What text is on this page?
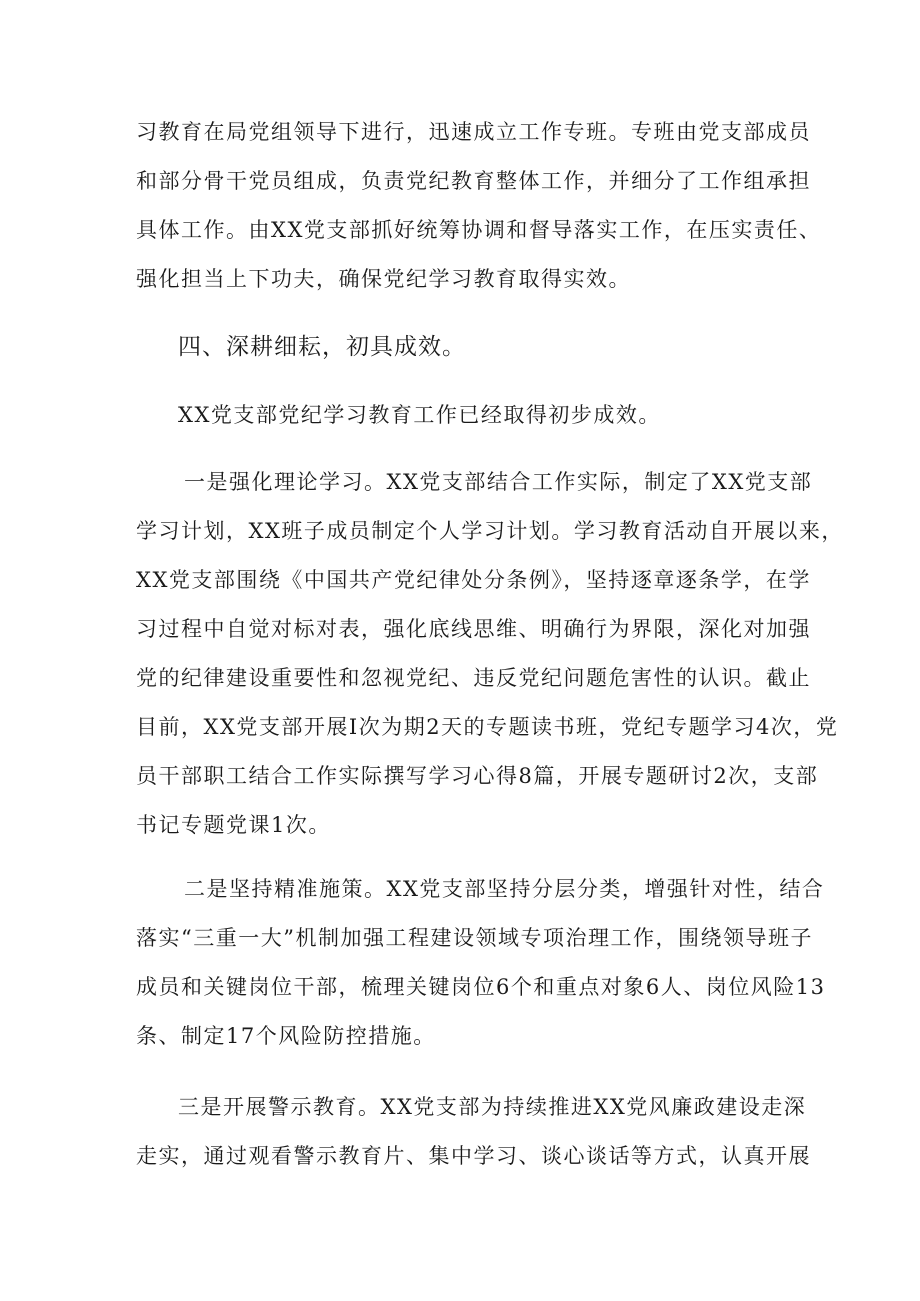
习教育在局党组领导下进行，迅速成立工作专班。专班由党支部成员
和部分骨干党员组成，负责党纪教育整体工作，并细分了工作组承担
具体工作。由XX党支部抓好统筹协调和督导落实工作，在压实责任、
强化担当上下功夫，确保党纪学习教育取得实效。
四、深耕细耘，初具成效。
XX党支部党纪学习教育工作已经取得初步成效。
一是强化理论学习。XX党支部结合工作实际，制定了XX党支部
学习计划，XX班子成员制定个人学习计划。学习教育活动自开展以来，
XX党支部围绕《中国共产党纪律处分条例》，坚持逐章逐条学，在学
习过程中自觉对标对表，强化底线思维、明确行为界限，深化对加强
党的纪律建设重要性和忽视党纪、违反党纪问题危害性的认识。截止
目前，XX党支部开展I次为期2天的专题读书班，党纪专题学习4次，党
员干部职工结合工作实际撰写学习心得8篇，开展专题研讨2次，支部
书记专题党课1次。
二是坚持精准施策。XX党支部坚持分层分类，增强针对性，结合
落实“三重一大”机制加强工程建设领域专项治理工作，围绕领导班子
成员和关键岗位干部，梳理关键岗位6个和重点对象6人、岗位风险13
条、制定17个风险防控措施。
三是开展警示教育。XX党支部为持续推进XX党风廉政建设走深
走实，通过观看警示教育片、集中学习、谈心谈话等方式，认真开展
